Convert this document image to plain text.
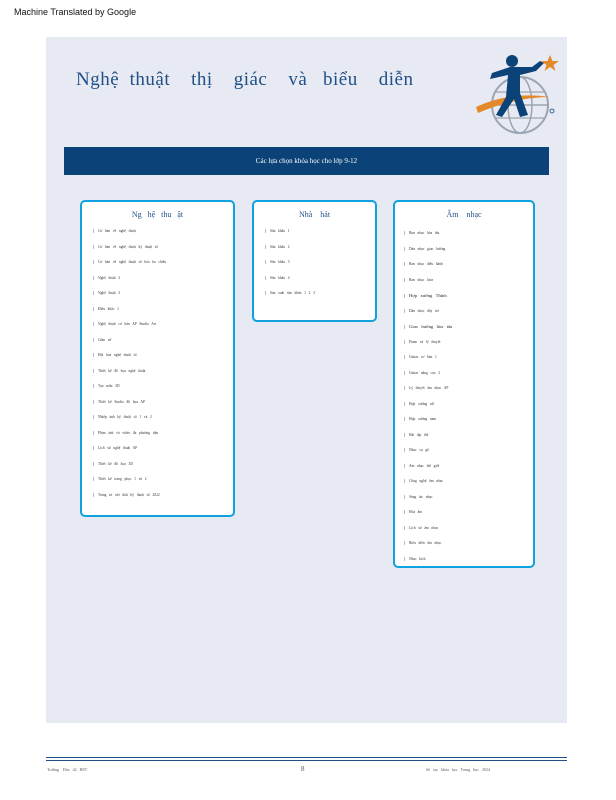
Machine Translated by Google
Nghệ  thuật    thị    giác    và   biểu    diễn
Các lựa chọn khóa học cho lớp 9-12
Ng   hệ   thu   ật
Cơ   bản   về   nghệ   thuật
Cơ   bản   về   nghệ   thuật   kỹ   thuật   số
Cơ   bản   về   nghệ   thuật   số   hóa   ba   chiều
Nghệ   thuật   2
Nghệ   thuật   3
Điêu   khắc   1
Nghệ   thuật   cơ   bản   AP   Studio   Art
Gốm   sứ
Hội   họa   nghệ   thuật   số
Thiết   kế   đồ   họa   nghệ   thuật
Tạo   mẫu   3D
Thiết   kế   Studio   đồ   họa   AP
Nhiếp   ảnh   kỹ   thuật   số   1   và   2
Phim   ảnh   và   video   đa   phương   tiện
Lịch   sử   nghệ   thuật   AP
Thiết   kế   đồ   họa   3D
Thiết   kế   trang   phục   1   và   2
Trang   trí   nội   thất   kỹ   thuật   số   2022
Nhà    hát
Sân   khấu   1
Sân   khấu   2
Sân   khấu   3
Sân   khấu   4
Sản   xuất   sân   khấu   1   2   3
Âm    nhạc
Ban   nhạc   hòa   tấu
Dàn   nhạc   giao   hưởng
Ban   nhạc   diễu   hành
Ban   nhạc   Jazz
Hợp   xướng   Thính
Dàn   nhạc   dây   trẻ
Giao   hưởng   hòa   tấu
Piano   và   lý   thuyết
Guitar   cơ   bản   1
Guitar   nâng   cao   2
Lý   thuyết   âm   nhạc   AP
Hợp   xướng   nữ
Hợp   xướng   nam
Hát   tập   thể
Nhạc   cụ   gõ
Âm   nhạc   thế   giới
Công   nghệ   âm   nhạc
Sáng   tác   nhạc
Hòa   âm
Lịch   sử   âm   nhạc
Biểu   diễn   âm   nhạc
Nhạc   kịch
Trường    Dist   42   HST	8	Sổ   tay   khóa   học   Trung   học   2024
